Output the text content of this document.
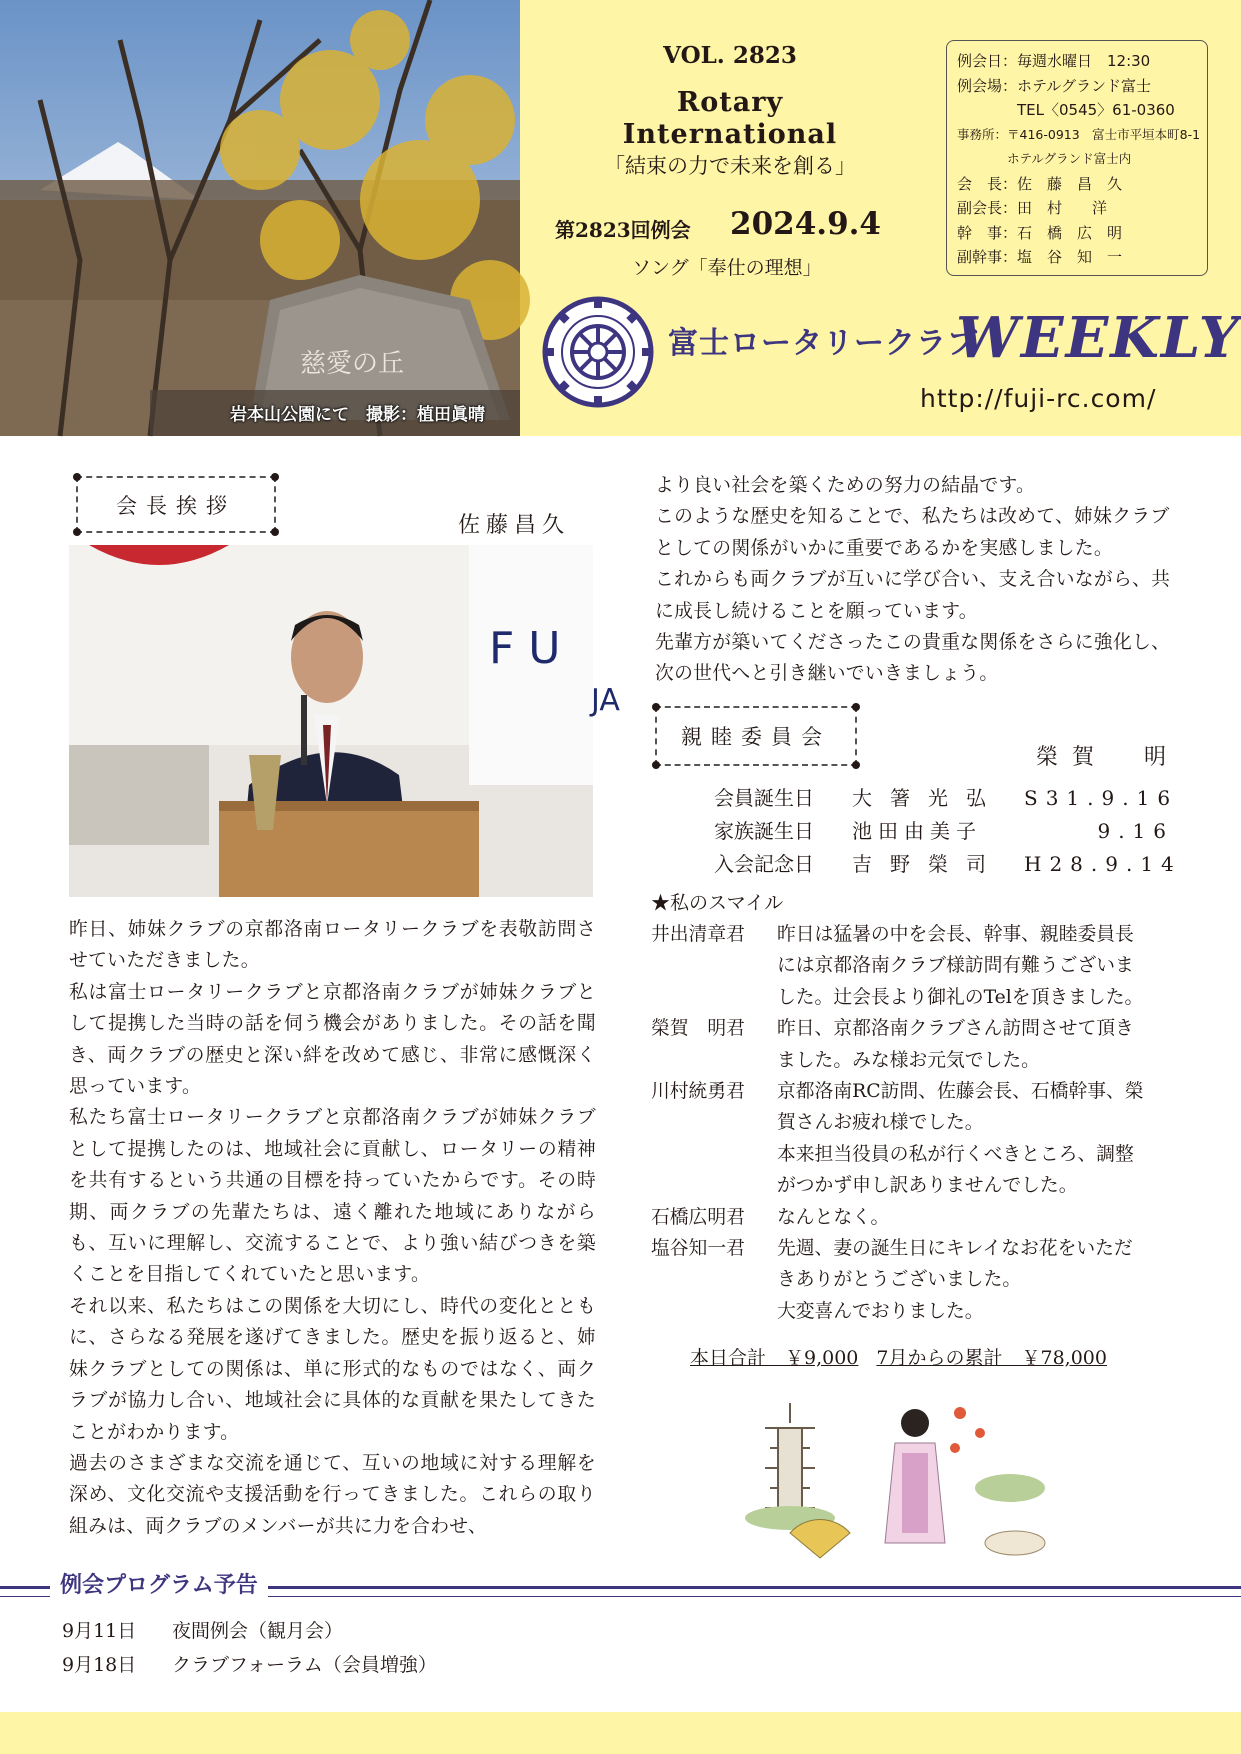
慈愛の丘
岩本山公園にて　撮影：植田眞晴
VOL. 2823
Rotary　International
「結束の力で未来を創る」
第2823回例会 2024.9.4
ソング「奉仕の理想」
例会日：毎週水曜日　12:30
例会場：ホテルグランド富士
　　　　TEL〈0545〉61-0360
事務所：〒416-0913　富士市平垣本町8-1
　　　　ホテルグランド富士内
会　長：佐　藤　昌　久
副会長：田　村　　洋
幹　事：石　橋　広　明
副幹事：塩　谷　知　一
富士ロータリークラブ
WEEKLY
http://fuji-rc.com/
会長挨拶
佐藤昌久
F U
JA

昨日、姉妹クラブの京都洛南ロータリークラブを表敬訪問させていただきました。

私は富士ロータリークラブと京都洛南クラブが姉妹クラブとして提携した当時の話を伺う機会がありました。その話を聞き、両クラブの歴史と深い絆を改めて感じ、非常に感慨深く思っています。

私たち富士ロータリークラブと京都洛南クラブが姉妹クラブとして提携したのは、地域社会に貢献し、ロータリーの精神を共有するという共通の目標を持っていたからです。その時期、両クラブの先輩たちは、遠く離れた地域にありながらも、互いに理解し、交流することで、より強い結びつきを築くことを目指してくれていたと思います。

それ以来、私たちはこの関係を大切にし、時代の変化とともに、さらなる発展を遂げてきました。歴史を振り返ると、姉妹クラブとしての関係は、単に形式的なものではなく、両クラブが協力し合い、地域社会に具体的な貢献を果たしてきたことがわかります。

過去のさまざまな交流を通じて、互いの地域に対する理解を深め、文化交流や支援活動を行ってきました。これらの取り組みは、両クラブのメンバーが共に力を合わせ、

より良い社会を築くための努力の結晶です。

このような歴史を知ることで、私たちは改めて、姉妹クラブとしての関係がいかに重要であるかを実感しました。

これからも両クラブが互いに学び合い、支え合いながら、共に成長し続けることを願っています。

先輩方が築いてくださったこの貴重な関係をさらに強化し、次の世代へと引き継いでいきましょう。

親睦委員会
榮賀　明
会員誕生日 大箸光弘 S31.9.16
家族誕生日 池田由美子	9.16
入会記念日 吉野榮司 H28.9.14
★私のスマイル
井出清章君	昨日は猛暑の中を会長、幹事、親睦委員長
には京都洛南クラブ様訪問有難うございま
した。辻会長より御礼のTelを頂きました。
榮賀　明君	昨日、京都洛南クラブさん訪問させて頂き
ました。みな様お元気でした。
川村統勇君	京都洛南RC訪問、佐藤会長、石橋幹事、榮
賀さんお疲れ様でした。
本来担当役員の私が行くべきところ、調整
がつかず申し訳ありませんでした。
石橋広明君	なんとなく。
塩谷知一君	先週、妻の誕生日にキレイなお花をいただ
きありがとうございました。
大変喜んでおりました。
本日合計　￥9,000 7月からの累計　￥78,000
例会プログラム予告
9月11日 夜間例会（観月会）
9月18日 クラブフォーラム（会員増強）
